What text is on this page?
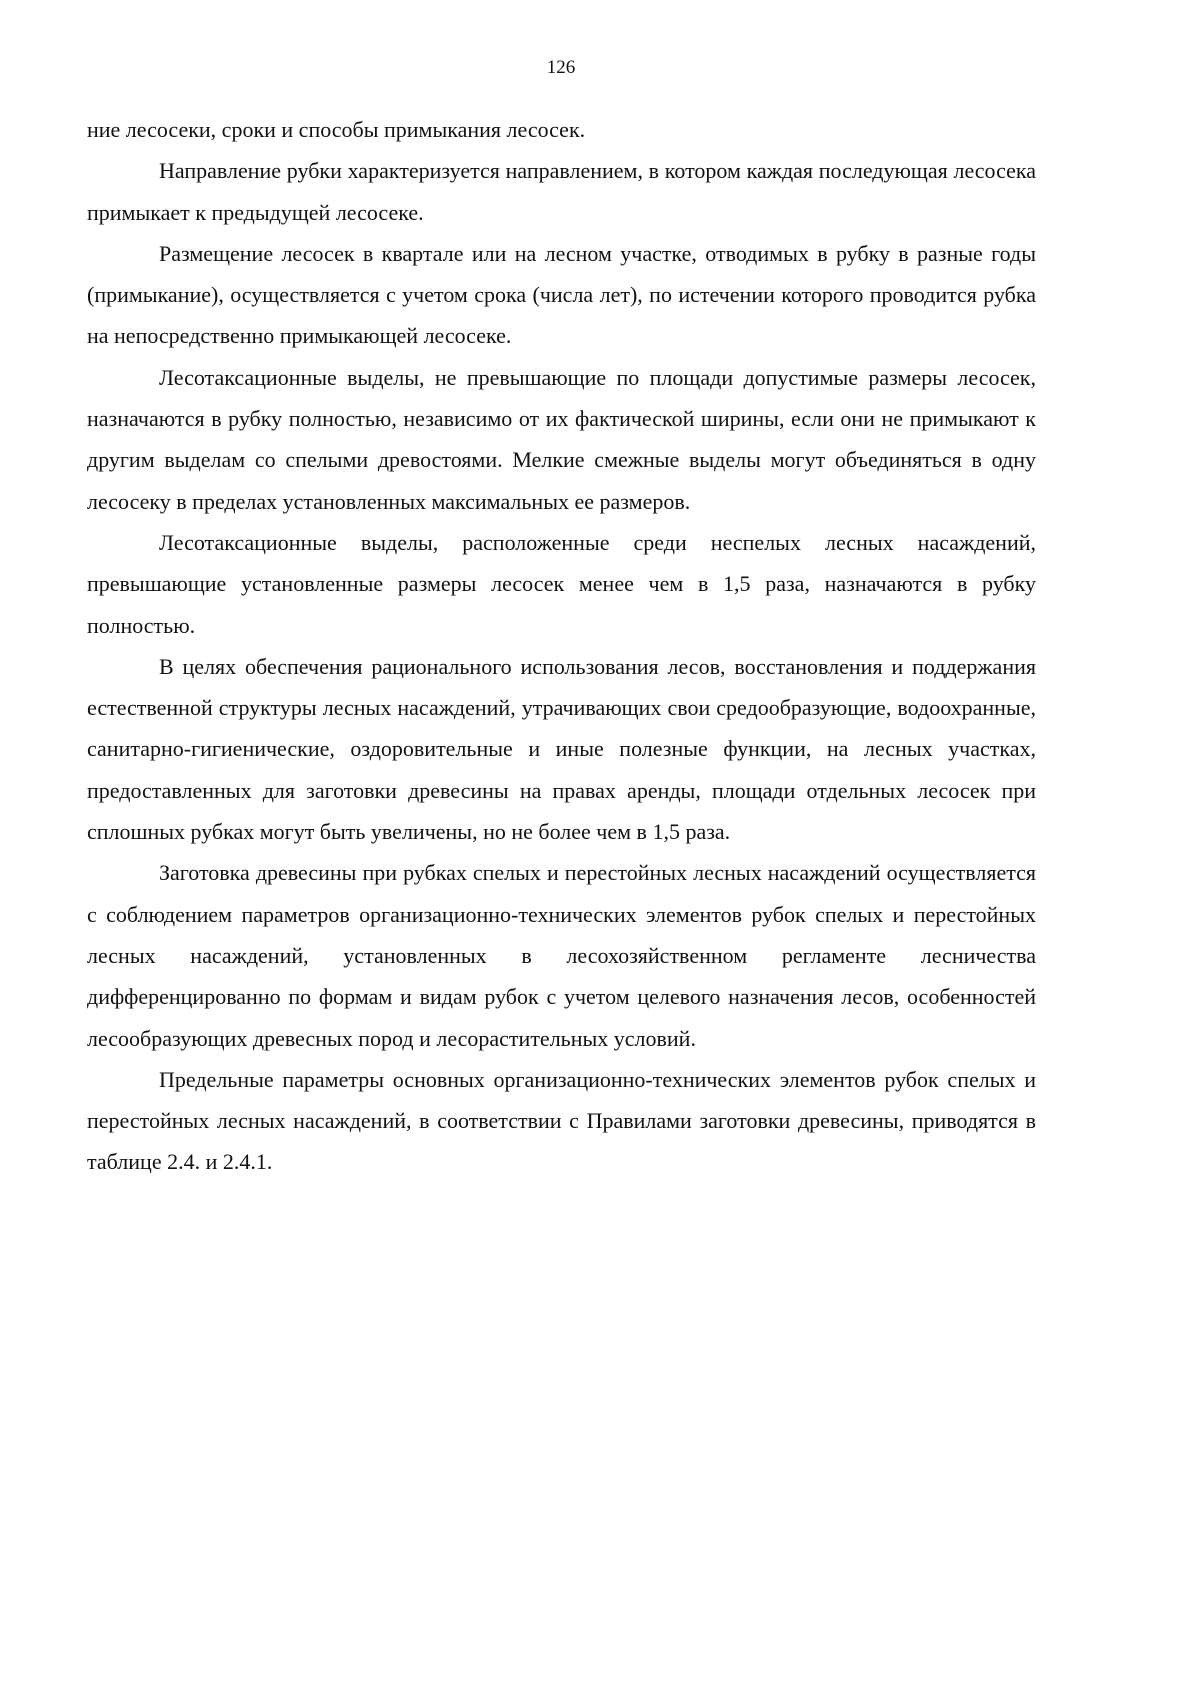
126

ние лесосеки, сроки и способы примыкания лесосек.

Направление рубки характеризуется направлением, в котором каждая последующая лесосека примыкает к предыдущей лесосеке.

Размещение лесосек в квартале или на лесном участке, отводимых в рубку в разные годы (примыкание), осуществляется с учетом срока (числа лет), по истечении которого проводится рубка на непосредственно примыкающей лесосеке.

Лесотаксационные выделы, не превышающие по площади допустимые размеры лесосек, назначаются в рубку полностью, независимо от их фактической ширины, если они не примыкают к другим выделам со спелыми древостоями. Мелкие смежные выделы могут объединяться в одну лесосеку в пределах установленных максимальных ее размеров.

Лесотаксационные выделы, расположенные среди неспелых лесных насаждений, превышающие установленные размеры лесосек менее чем в 1,5 раза, назначаются в рубку полностью.

В целях обеспечения рационального использования лесов, восстановления и поддержания естественной структуры лесных насаждений, утрачивающих свои средообразующие, водоохранные, санитарно-гигиенические, оздоровительные и иные полезные функции, на лесных участках, предоставленных для заготовки древесины на правах аренды, площади отдельных лесосек при сплошных рубках могут быть увеличены, но не более чем в 1,5 раза.

Заготовка древесины при рубках спелых и перестойных лесных насаждений осуществляется с соблюдением параметров организационно-технических элементов рубок спелых и перестойных лесных насаждений, установленных в лесохозяйственном регламенте лесничества дифференцированно по формам и видам рубок с учетом целевого назначения лесов, особенностей лесообразующих древесных пород и лесорастительных условий.

Предельные параметры основных организационно-технических элементов рубок спелых и перестойных лесных насаждений, в соответствии с Правилами заготовки древесины, приводятся в таблице 2.4. и 2.4.1.
